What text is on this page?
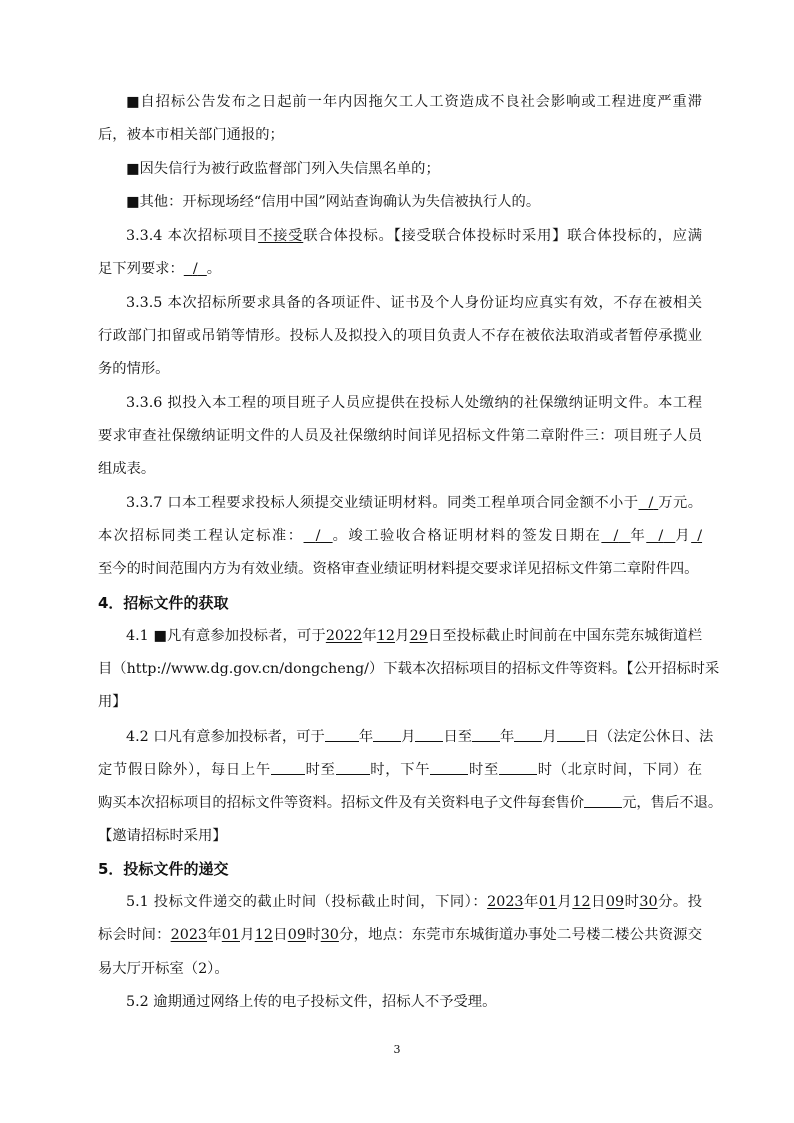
■自招标公告发布之日起前一年内因拖欠工人工资造成不良社会影响或工程进度严重滞
后，被本市相关部门通报的；
■因失信行为被行政监督部门列入失信黑名单的；
■其他：开标现场经“信用中国”网站查询确认为失信被执行人的。
3.3.4 本次招标项目不接受联合体投标。【接受联合体投标时采用】联合体投标的，应满
足下列要求： / 。
3.3.5 本次招标所要求具备的各项证件、证书及个人身份证均应真实有效，不存在被相关
行政部门扣留或吊销等情形。投标人及拟投入的项目负责人不存在被依法取消或者暂停承揽业
务的情形。
3.3.6 拟投入本工程的项目班子人员应提供在投标人处缴纳的社保缴纳证明文件。本工程
要求审查社保缴纳证明文件的人员及社保缴纳时间详见招标文件第二章附件三：项目班子人员
组成表。
3.3.7 口本工程要求投标人须提交业绩证明材料。同类工程单项合同金额不小于 / 万元。
本次招标同类工程认定标准： / 。竣工验收合格证明材料的签发日期在 / 年 / 月 /
至今的时间范围内方为有效业绩。资格审查业绩证明材料提交要求详见招标文件第二章附件四。
4．招标文件的获取
4.1 ■凡有意参加投标者，可于2022年12月29日至投标截止时间前在中国东莞东城街道栏
目（http://www.dg.gov.cn/dongcheng/）下载本次招标项目的招标文件等资料。【公开招标时采
用】
4.2 口凡有意参加投标者，可于 年 月 日至 年 月 日（法定公休日、法
定节假日除外），每日上午 时至 时，下午	时至	时（北京时间，下同）在
购买本次招标项目的招标文件等资料。招标文件及有关资料电子文件每套售价	元，售后不退。
【邀请招标时采用】
5．投标文件的递交
5.1 投标文件递交的截止时间（投标截止时间，下同）：2023年01月12日09时30分。投
标会时间：2023年01月12日09时30分，地点：东莞市东城街道办事处二号楼二楼公共资源交
易大厅开标室（2）。
5.2 逾期通过网络上传的电子投标文件，招标人不予受理。
3
